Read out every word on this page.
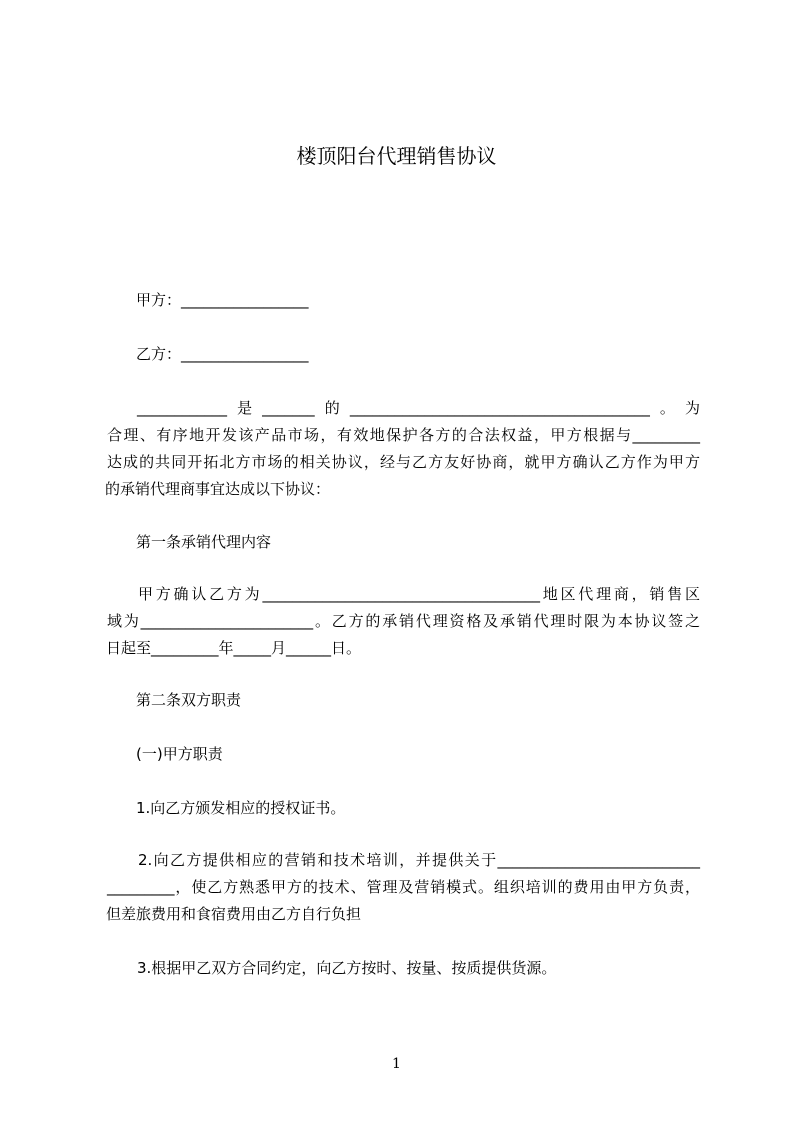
楼顶阳台代理销售协议
甲方：_________________
乙方：_________________
____________是_______的________________________________________。为
合理、有序地开发该产品市场，有效地保护各方的合法权益，甲方根据与_________
达成的共同开拓北方市场的相关协议，经与乙方友好协商，就甲方确认乙方作为甲方
的承销代理商事宜达成以下协议：
第一条承销代理内容
甲方确认乙方为_____________________________________地区代理商，销售区
域为_______________________。乙方的承销代理资格及承销代理时限为本协议签之
日起至_________年_____月______日。
第二条双方职责
(一)甲方职责
1.向乙方颁发相应的授权证书。
2.向乙方提供相应的营销和技术培训，并提供关于___________________________
_________，使乙方熟悉甲方的技术、管理及营销模式。组织培训的费用由甲方负责，
但差旅费用和食宿费用由乙方自行负担
3.根据甲乙双方合同约定，向乙方按时、按量、按质提供货源。
1
